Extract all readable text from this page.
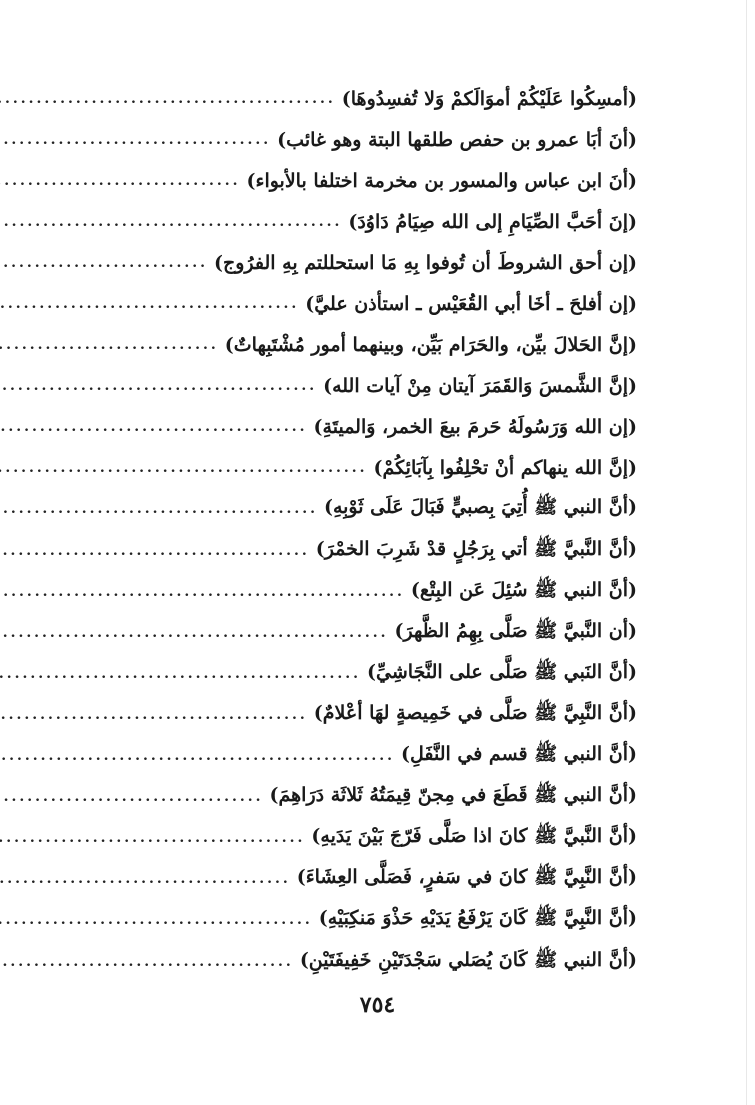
(أمسِكُوا عَلَيْكُمْ أموَالَكمْ وَلا تُفسِدُوهَا)
.....
(أنَ أبَا عمرو بن حفص طلقها البتة وهو غائب)
.....
(أنَ ابن عباس والمسور بن مخرمة اختلفا بالأبواء)
.....
(إنَ أحَبَّ الصِّيَامِ إلى الله صِيَامُ دَاوُدَ)
.....
(إن أحق الشروطَ أن تُوفوا بِهِ مَا استحللتم بِهِ الفرُوج)
.....
(إن أفلحَ ـ أخَا أبي القُعَيْس ـ استأذن عليَّ)
.....
(إنَّ الحَلالَ بيِّن، والحَرَام بَيِّن، وبينهما أمور مُشْتَبِهاتٌ)
.....
(إنَّ الشَّمسَ وَالقَمَرَ آيتان مِنْ آيات الله)
.....
(إن الله وَرَسُولَهُ حَرمَ بيعَ الخمر، وَالميتَةِ)
.....
(إنَّ الله ينهاكم أنْ تحْلِفُوا بِآبَائِكُمْ)
.....
(أنَّ النبي ﷺ أُتِيَ بِصبيٍّ فَبَالَ عَلَى ثَوْبِهِ)
.....
(أنَّ النَّبيَّ ﷺ أتي بِرَجُلٍ قدْ شَرِبَ الخمْرَ)
.....
(أنَّ النبي ﷺ سُئِلَ عَن البِتْع)
.....
(أن النَّبيَّ ﷺ صَلَّى بِهِمُ الظَّهرَ)
.....
(أنَّ النَبي ﷺ صَلَّى على النَّجَاشِيِّ)
.....
(أنَّ النَّبِيَّ ﷺ صَلَّى في خَمِيصةٍ لهَا أعْلامٌ)
.....
(أنَّ النبي ﷺ قسم في النَّفَلِ)
.....
(أنَّ النبي ﷺ قَطَعَ في مِجنّ قِيمَتُهُ ثَلاثَة دَرَاهِمَ)
.....
(أنَّ النَّبيَّ ﷺ كانَ اذا صَلَّى فَرّجَ بَيْنَ يَدَيهِ)
.....
(أنَّ النَّبِيَّ ﷺ كانَ في سَفرٍ، فَصَلَّى العِشَاءَ)
.....
(أنَّ النَّبِيَّ ﷺ كَانَ يَرْفَعُ يَدَيْهِ حَذْوَ مَنكِبَيْهِ)
.....
(أنَّ النبي ﷺ كَانَ يُصَلي سَجْدَتَيْنِ خَفِيفَتَيْنِ)
.....
٧٥٤
